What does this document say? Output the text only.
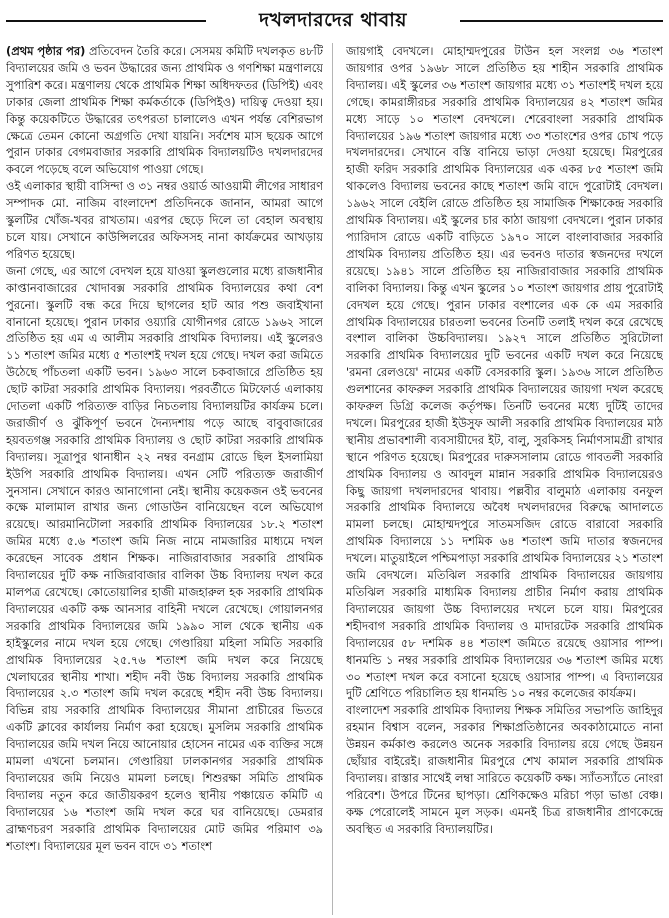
দখলদারদের থাবায়

(প্রথম পৃষ্ঠার পর) প্রতিবেদন তৈরি করে। সেসময় কমিটি দখলকৃত ৪৮টি বিদ্যালয়ের জমি ও ভবন উদ্ধারের জন্য প্রাথমিক ও গণশিক্ষা মন্ত্রণালয়ে সুপারিশ করে। মন্ত্রণালয় থেকে প্রাথমিক শিক্ষা অধিদফতর (ডিপিই) এবং ঢাকার জেলা প্রাথমিক শিক্ষা কর্মকর্তাকে (ডিপিইও) দায়িত্ব দেওয়া হয়। কিন্তু কয়েকটিতে উদ্ধারের তৎপরতা চালালেও এখন পর্যন্ত বেশিরভাগ ক্ষেত্রে তেমন কোনো অগ্রগতি দেখা যায়নি। সর্বশেষ মাস ছয়েক আগে পুরান ঢাকার বেগমবাজার সরকারি প্রাথমিক বিদ্যালয়টিও দখলদারদের কবলে পড়েছে বলে অভিযোগ পাওয়া গেছে।

ওই এলাকার স্থায়ী বাসিন্দা ও ৩১ নম্বর ওয়ার্ড আওয়ামী লীগের সাধারণ সম্পাদক মো. নাজিম বাংলাদেশ প্রতিদিনকে জানান, আমরা আগে স্কুলটির খোঁজ-খবর রাখতাম। এরপর ছেড়ে দিলে তা বেহাল অবস্থায় চলে যায়। সেখানে কাউন্সিলরের অফিসসহ নানা কার্যক্রমের আখড়ায় পরিণত হয়েছে।

জনা গেছে, এর আগে বেদখল হয়ে যাওয়া স্কুলগুলোর মধ্যে রাজধানীর কাপ্তানবাজারের খোদাবক্স সরকারি প্রাথমিক বিদ্যালয়ের কথা বেশ পুরনো। স্কুলটি বন্ধ করে দিয়ে ছাগলের হাট আর পশু জবাইখানা বানানো হয়েছে। পুরান ঢাকার ওয়্যারি যোগীনগর রোডে ১৯৬২ সালে প্রতিষ্ঠিত হয় এম এ আলীম সরকারি প্রাথমিক বিদ্যালয়। এই স্কুলেরও ১১ শতাংশ জমির মধ্যে ৫ শতাংশই দখল হয়ে গেছে। দখল করা জমিতে উঠেছে পাঁচতলা একটি ভবন। ১৯৬৩ সালে চকবাজারে প্রতিষ্ঠিত হয় ছোট কাটরা সরকারি প্রাথমিক বিদ্যালয়। পরবর্তীতে মিটফোর্ড এলাকায় দোতলা একটি পরিত্যক্ত বাড়ির নিচতলায় বিদ্যালয়টির কার্যক্রম চলে। জরাজীর্ণ ও ঝুঁকিপূর্ণ ভবনে দৈন্যদশায় পড়ে আছে বাবুবাজারের হয়বতগঞ্জ সরকারি প্রাথমিক বিদ্যালয় ও ছোট কাটরা সরকারি প্রাথমিক বিদ্যালয়। সূত্রাপুর থানাধীন ২২ নম্বর বনগ্রাম রোডে ছিল ইসলামিয়া ইউপি সরকারি প্রাথমিক বিদ্যালয়। এখন সেটি পরিত্যক্ত জরাজীর্ণ সুনসান। সেখানে কারও আনাগোনা নেই। স্থানীয় কয়েকজন ওই ভবনের কক্ষে মালামাল রাখার জন্য গোডাউন বানিয়েছেন বলে অভিযোগ রয়েছে। আরমানিটোলা সরকারি প্রাথমিক বিদ্যালয়ের ১৮.২ শতাংশ জমির মধ্যে ৫.৬ শতাংশ জমি নিজ নামে নামজারির মাধ্যমে দখল করেছেন সাবেক প্রধান শিক্ষক। নাজিরাবাজার সরকারি প্রাথমিক বিদ্যালয়ের দুটি কক্ষ নাজিরাবাজার বালিকা উচ্চ বিদ্যালয় দখল করে মালপত্র রেখেছে। কোতোয়ালির হাজী মাজহারুল হক সরকারি প্রাথমিক বিদ্যালয়ের একটি কক্ষ আনসার বাহিনী দখলে রেখেছে। গোয়ালনগর সরকারি প্রাথমিক বিদ্যালয়ের জমি ১৯৯০ সাল থেকে স্থানীয় এক হাইস্কুলের নামে দখল হয়ে গেছে। গেণ্ডারিয়া মহিলা সমিতি সরকারি প্রাথমিক বিদ্যালয়ের ২৫.৭৬ শতাংশ জমি দখল করে নিয়েছে খেলাঘরের স্থানীয় শাখা। শহীদ নবী উচ্চ বিদ্যালয় সরকারি প্রাথমিক বিদ্যালয়ের ২.৩ শতাংশ জমি দখল করেছে শহীদ নবী উচ্চ বিদ্যালয়। বিভিন্ন রায় সরকারি প্রাথমিক বিদ্যালয়ের সীমানা প্রাচীরের ভিতরে একটি ক্লাবের কার্যালয় নির্মাণ করা হয়েছে। মুসলিম সরকারি প্রাথমিক বিদ্যালয়ের জমি দখল নিয়ে আনোয়ার হোসেন নামের এক ব্যক্তির সঙ্গে মামলা এখনো চলমান। গেণ্ডারিয়া ঢালকানগর সরকারি প্রাথমিক বিদ্যালয়ের জমি নিয়েও মামলা চলছে। শিশুরক্ষা সমিতি প্রাথমিক বিদ্যালয় নতুন করে জাতীয়করণ হলেও স্থানীয় পঞ্চায়েত কমিটি এ বিদ্যালয়ের ১৬ শতাংশ জমি দখল করে ঘর বানিয়েছে। ডেমরার ব্রাহ্মণচরণ সরকারি প্রাথমিক বিদ্যালয়ের মোট জমির পরিমাণ ৩৯ শতাংশ। বিদ্যালয়ের মূল ভবন বাদে ৩১ শতাংশ

জায়গাই বেদখলে। মোহাম্মদপুরের টাউন হল সংলগ্ন ৩৬ শতাংশ জায়গার ওপর ১৯৬৮ সালে প্রতিষ্ঠিত হয় শাহীন সরকারি প্রাথমিক বিদ্যালয়। এই স্কুলের ৩৬ শতাংশ জায়গার মধ্যে ৩১ শতাংশই দখল হয়ে গেছে। কামরাঙ্গীরচর সরকারি প্রাথমিক বিদ্যালয়ের ৪২ শতাংশ জমির মধ্যে সাড়ে ১০ শতাংশ বেদখলে। শেরেবাংলা সরকারি প্রাথমিক বিদ্যালয়ের ১৯৬ শতাংশ জায়গার মধ্যে ৩৩ শতাংশের ওপর চোখ পড়ে দখলদারদের। সেখানে বস্তি বানিয়ে ভাড়া দেওয়া হয়েছে। মিরপুরের হাজী ফরিদ সরকারি প্রাথমিক বিদ্যালয়ের এক একর ৮৫ শতাংশ জমি থাকলেও বিদ্যালয় ভবনের কাছে শতাংশ জমি বাদে পুরোটাই বেদখল। ১৯৬২ সালে বেইলি রোডে প্রতিষ্ঠিত হয় সামাজিক শিক্ষাকেন্দ্র সরকারি প্রাথমিক বিদ্যালয়। এই স্কুলের চার কাঠা জায়গা বেদখলে। পুরান ঢাকার প্যারিদাস রোডে একটি বাড়িতে ১৯৭০ সালে বাংলাবাজার সরকারি প্রাথমিক বিদ্যালয় প্রতিষ্ঠিত হয়। এর ভবনও দাতার স্বজনদের দখলে রয়েছে। ১৯৪১ সালে প্রতিষ্ঠিত হয় নাজিরাবাজার সরকারি প্রাথমিক বালিকা বিদ্যালয়। কিন্তু এখন স্কুলের ১০ শতাংশ জায়গার প্রায় পুরোটাই বেদখল হয়ে গেছে। পুরান ঢাকার বংশালের এক কে এম সরকারি প্রাথমিক বিদ্যালয়ের চারতলা ভবনের তিনটি তলাই দখল করে রেখেছে বংশাল বালিকা উচ্চবিদ্যালয়। ১৯২৭ সালে প্রতিষ্ঠিত সুরিটোলা সরকারি প্রাথমিক বিদ্যালয়ের দুটি ভবনের একটি দখল করে নিয়েছে 'রমনা রেলওয়ে' নামের একটি বেসরকারি স্কুল। ১৯৩৬ সালে প্রতিষ্ঠিত গুলশানের কাফরুল সরকারি প্রাথমিক বিদ্যালয়ের জায়গা দখল করেছে কাফরুল ডিগ্রি কলেজ কর্তৃপক্ষ। তিনটি ভবনের মধ্যে দুটিই তাদের দখলে। মিরপুরের হাজী ইউসুফ আলী সরকারি প্রাথমিক বিদ্যালয়ের মাঠ স্থানীয় প্রভাবশালী ব্যবসায়ীদের ইট, বালু, সুরকিসহ নির্মাণসামগ্রী রাখার স্থানে পরিণত হয়েছে। মিরপুরের দারুসসালাম রোডে গাবতলী সরকারি প্রাথমিক বিদ্যালয় ও আবদুল মান্নান সরকারি প্রাথমিক বিদ্যালয়েরও কিছু জায়গা দখলদারদের থাবায়। পল্লবীর বালুমাঠ এলাকায় বনফুল সরকারি প্রাথমিক বিদ্যালয়ে অবৈধ দখলদারদের বিরুদ্ধে আদালতে মামলা চলছে। মোহাম্মদপুরে সাতমসজিদ রোডে বারাবো সরকারি প্রাথমিক বিদ্যালয়ে ১১ দশমিক ৬৪ শতাংশ জমি দাতার স্বজনদের দখলে। মাতুয়াইলে পশ্চিমপাড়া সরকারি প্রাথমিক বিদ্যালয়ের ২১ শতাংশ জমি বেদখলে। মতিঝিল সরকারি প্রাথমিক বিদ্যালয়ের জায়গায় মতিঝিল সরকারি মাধ্যমিক বিদ্যালয় প্রাচীর নির্মাণ করায় প্রাথমিক বিদ্যালয়ের জায়গা উচ্চ বিদ্যালয়ের দখলে চলে যায়। মিরপুরের শহীদবাগ সরকারি প্রাথমিক বিদ্যালয় ও মাদারটেক সরকারি প্রাথমিক বিদ্যালয়ের ৫৮ দশমিক ৪৪ শতাংশ জমিতে রয়েছে ওয়াসার পাম্প। ধানমন্ডি ১ নম্বর সরকারি প্রাথমিক বিদ্যালয়ের ৩৬ শতাংশ জমির মধ্যে ৩০ শতাংশ দখল করে বসানো হয়েছে ওয়াসার পাম্প। এ বিদ্যালয়ের দুটি শ্রেণিতে পরিচালিত হয় ধানমন্ডি ১০ নম্বর কলেজের কার্যক্রম।

বাংলাদেশ সরকারি প্রাথমিক বিদ্যালয় শিক্ষক সমিতির সভাপতি জাহিদুর রহমান বিশ্বাস বলেন, সরকার শিক্ষাপ্রতিষ্ঠানের অবকাঠামোতে নানা উন্নয়ন কর্মকাণ্ড করলেও অনেক সরকারি বিদ্যালয় রয়ে গেছে উন্নয়ন ছোঁয়ার বাইরেই। রাজধানীর মিরপুরে শেখ কামাল সরকারি প্রাথমিক বিদ্যালয়। রাস্তার সাথেই লম্বা সারিতে কয়েকটি কক্ষ। স্যাঁতস্যাঁতে নোংরা পরিবেশ। উপরে টিনের ছাপড়া। শ্রেণিকক্ষেও মরিচা পড়া ভাঙা বেঞ্চ। কক্ষ পেরোলেই সামনে মূল সড়ক। এমনই চিত্র রাজধানীর প্রাণকেন্দ্রে অবস্থিত এ সরকারি বিদ্যালয়টির।
